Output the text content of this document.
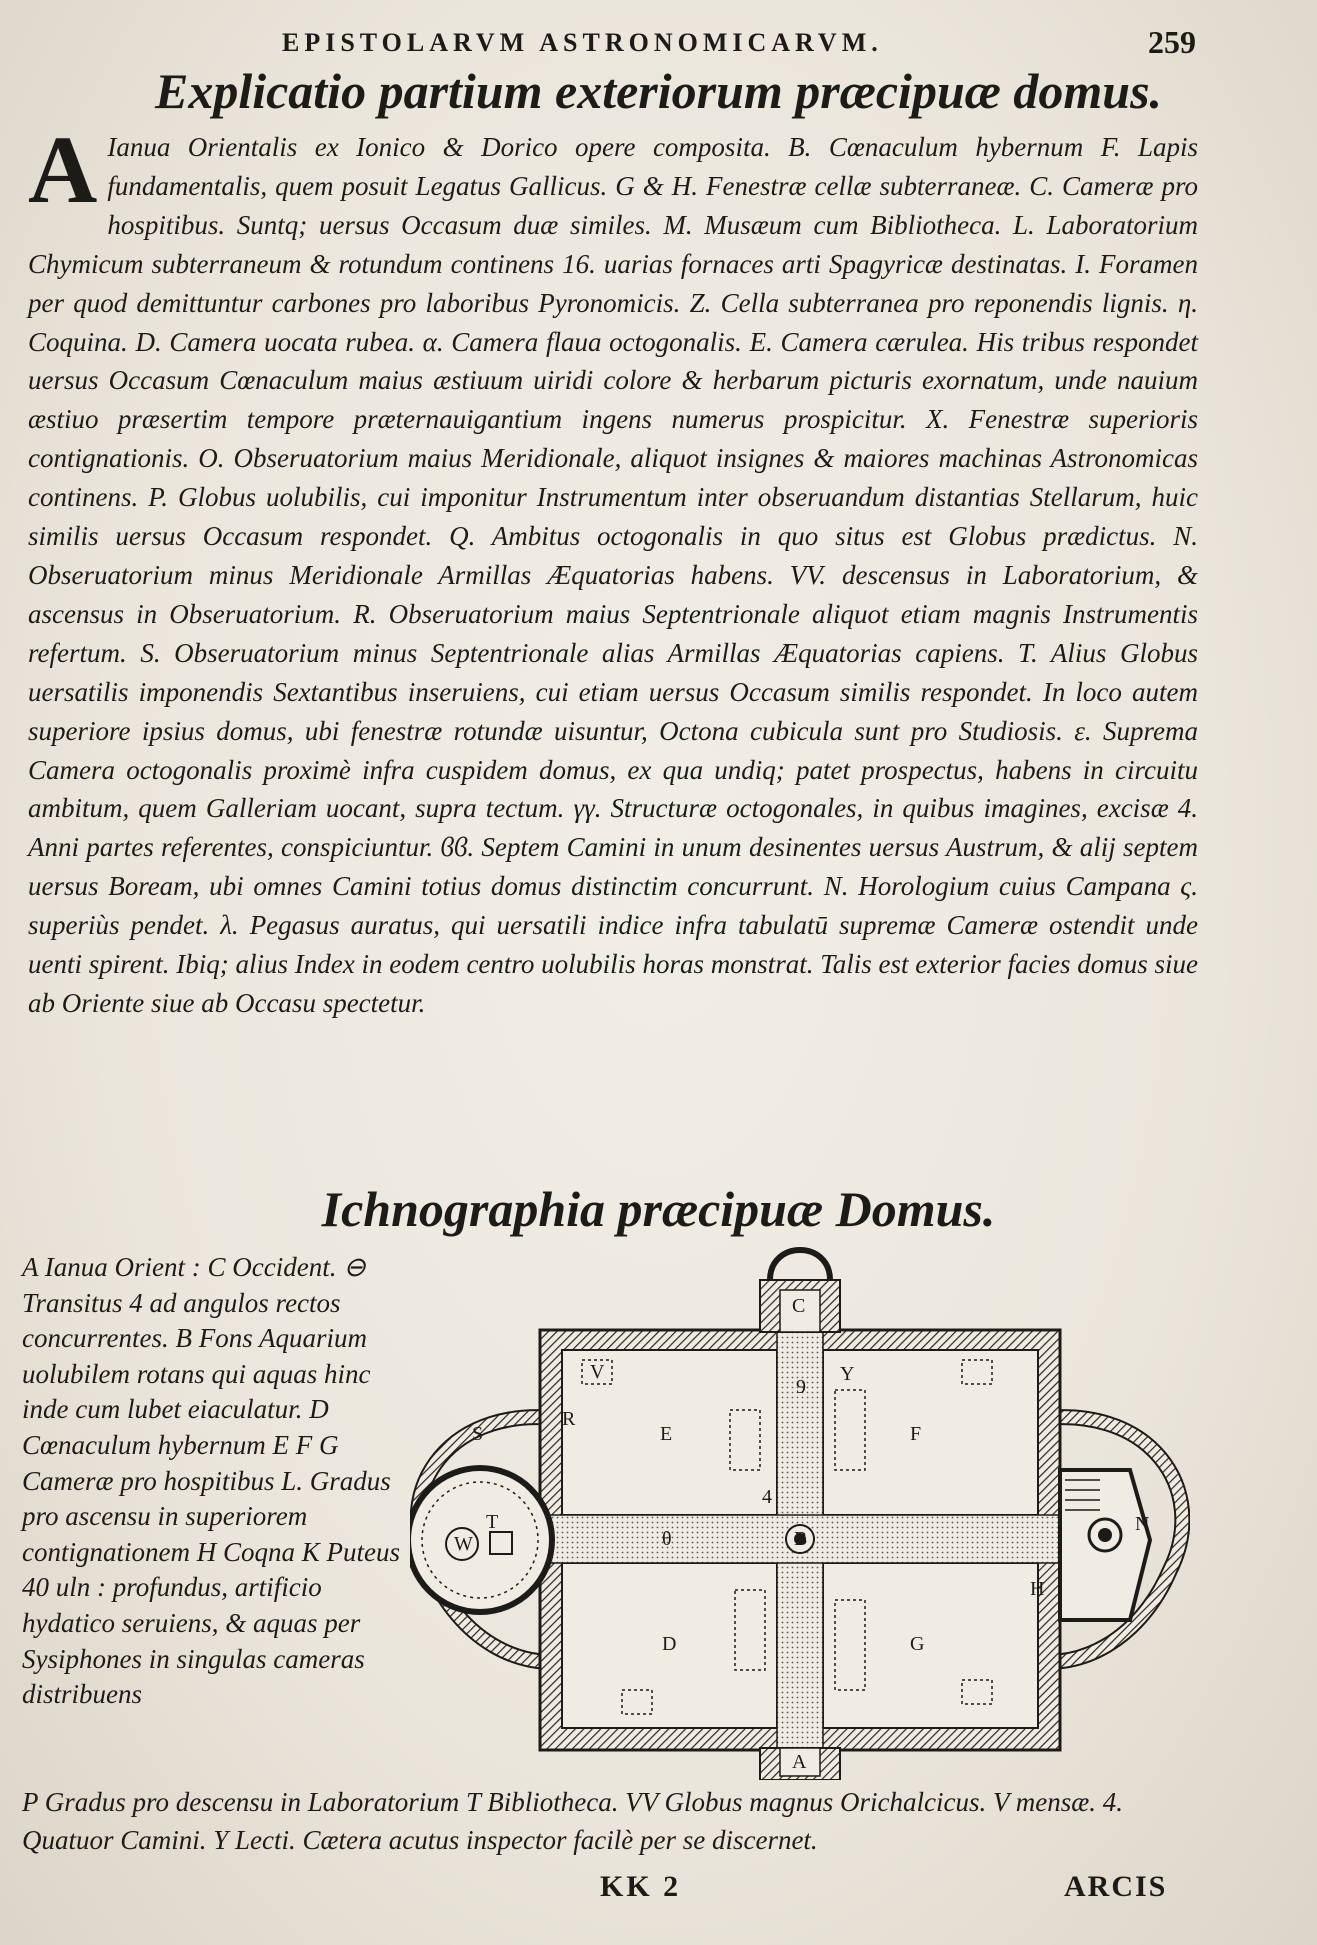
EPISTOLARVM ASTRONOMICARVM.	259
Explicatio partium exteriorum præcipuæ domus.
A Ianua Orientalis ex Ionico & Dorico opere composita. B. Cœnaculum hybernum F. Lapis fundamentalis, quem posuit Legatus Gallicus. G & H. Fenestræ cellæ subterraneæ. C. Cameræ pro hospitibus. Suntq; uersus Occasum duæ similes. M. Musæum cum Bibliotheca. L. Laboratorium Chymicum subterraneum & rotundum continens 16. uarias fornaces arti Spagyricæ destinatas. I. Foramen per quod demittuntur carbones pro laboribus Pyronomicis. Z. Cella subterranea pro reponendis lignis. η. Coquina. D. Camera uocata rubea. α. Camera flaua octogonalis. E. Camera cærulea. His tribus respondet uersus Occasum Cœnaculum maius æstiuum uiridi colore & herbarum picturis exornatum, unde nauium æstiuo præsertim tempore præternauigantium ingens numerus prospicitur. X. Fenestræ superioris contignationis. O. Obseruatorium maius Meridionale, aliquot insignes & maiores machinas Astronomicas continens. P. Globus uolubilis, cui imponitur Instrumentum inter obseruandum distantias Stellarum, huic similis uersus Occasum respondet. Q. Ambitus octogonalis in quo situs est Globus prædictus. N. Obseruatorium minus Meridionale Armillas Æquatorias habens. VV. descensus in Laboratorium, & ascensus in Obseruatorium. R. Obseruatorium maius Septentrionale aliquot etiam magnis Instrumentis refertum. S. Obseruatorium minus Septentrionale alias Armillas Æquatorias capiens. T. Alius Globus uersatilis imponendis Sextantibus inseruiens, cui etiam uersus Occasum similis respondet. In loco autem superiore ipsius domus, ubi fenestræ rotundæ uisuntur, Octona cubicula sunt pro Studiosis. ε. Suprema Camera octogonalis proximè infra cuspidem domus, ex qua undiq; patet prospectus, habens in circuitu ambitum, quem Galleriam uocant, supra tectum. γγ. Structuræ octogonales, in quibus imagines, excisæ 4. Anni partes referentes, conspiciuntur. ϐϐ. Septem Camini in unum desinentes uersus Austrum, & alij septem uersus Boream, ubi omnes Camini totius domus distinctim concurrunt. N. Horologium cuius Campana ς. superiùs pendet. λ. Pegasus auratus, qui uersatili indice infra tabulatū supremæ Cameræ ostendit unde uenti spirent. Ibiq; alius Index in eodem centro uolubilis horas monstrat. Talis est exterior facies domus siue ab Oriente siue ab Occasu spectetur.
Ichnographia præcipuæ Domus.
A Ianua Orient : C Occident. ⊖ Transitus 4 ad angulos rectos concurrentes. B Fons Aquarium uolubilem rotans qui aquas hinc inde cum lubet eiaculatur. D Cœnaculum hybernum E F G Cameræ pro hospitibus L. Gradus pro ascensu in superiorem contignationem H Coqna K Puteus 40 uln : profundus, artificio hydatico seruiens, & aquas per Sysiphones in singulas cameras distribuens
C
A
E	F
D	G
H
R
S
T
W
N
V	Y
B
θ
4
9
P Gradus pro descensu in Laboratorium T Bibliotheca. VV Globus magnus Orichalcicus. V mensæ. 4. Quatuor Camini. Y Lecti. Cætera acutus inspector facilè per se discernet.
KK 2	ARCIS
